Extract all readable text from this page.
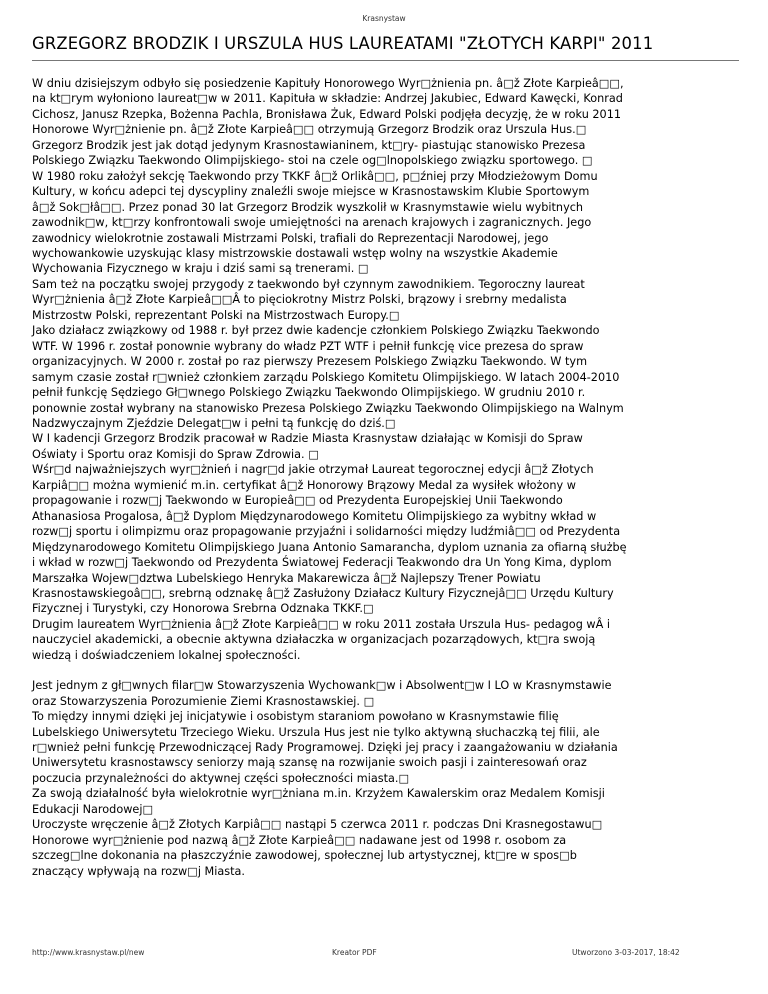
Krasnystaw
GRZEGORZ BRODZIK I URSZULA HUS LAUREATAMI "ZŁOTYCH KARPI" 2011

W dniu dzisiejszym odbyło się posiedzenie Kapituły Honorowego Wyr□żnienia pn. â□ž Złote Karpieâ□□,
na kt□rym wyłoniono laureat□w w 2011. Kapituła w składzie: Andrzej Jakubiec, Edward Kawęcki, Konrad
Cichosz, Janusz Rzepka, Bożenna Pachla, Bronisława Żuk, Edward Polski podjęła decyzję, że w roku 2011
Honorowe Wyr□żnienie pn. â□ž Złote Karpieâ□□ otrzymują Grzegorz Brodzik oraz Urszula Hus.□
Grzegorz Brodzik jest jak dotąd jedynym Krasnostawianinem, kt□ry- piastując stanowisko Prezesa
Polskiego Związku Taekwondo Olimpijskiego- stoi na czele og□lnopolskiego związku sportowego. □
W 1980 roku założył sekcję Taekwondo przy TKKF â□ž Orlikâ□□, p□źniej przy Młodzieżowym Domu
Kultury, w końcu adepci tej dyscypliny znaleźli swoje miejsce w Krasnostawskim Klubie Sportowym
â□ž Sok□łâ□□. Przez ponad 30 lat Grzegorz Brodzik wyszkolił w Krasnymstawie wielu wybitnych
zawodnik□w, kt□rzy konfrontowali swoje umiejętności na arenach krajowych i zagranicznych. Jego
zawodnicy wielokrotnie zostawali Mistrzami Polski, trafiali do Reprezentacji Narodowej, jego
wychowankowie uzyskując klasy mistrzowskie dostawali wstęp wolny na wszystkie Akademie
Wychowania Fizycznego w kraju i dziś sami są trenerami. □
Sam też na początku swojej przygody z taekwondo był czynnym zawodnikiem. Tegoroczny laureat
Wyr□żnienia â□ž Złote Karpieâ□□Â to pięciokrotny Mistrz Polski, brązowy i srebrny medalista
Mistrzostw Polski, reprezentant Polski na Mistrzostwach Europy.□
Jako działacz związkowy od 1988 r. był przez dwie kadencje członkiem Polskiego Związku Taekwondo
WTF. W 1996 r. został ponownie wybrany do władz PZT WTF i pełnił funkcję vice prezesa do spraw
organizacyjnych. W 2000 r. został po raz pierwszy Prezesem Polskiego Związku Taekwondo. W tym
samym czasie został r□wnież członkiem zarządu Polskiego Komitetu Olimpijskiego. W latach 2004-2010
pełnił funkcję Sędziego Gł□wnego Polskiego Związku Taekwondo Olimpijskiego. W grudniu 2010 r.
ponownie został wybrany na stanowisko Prezesa Polskiego Związku Taekwondo Olimpijskiego na Walnym
Nadzwyczajnym Zjeździe Delegat□w i pełni tą funkcję do dziś.□
W I kadencji Grzegorz Brodzik pracował w Radzie Miasta Krasnystaw działając w Komisji do Spraw
Oświaty i Sportu oraz Komisji do Spraw Zdrowia. □
Wśr□d najważniejszych wyr□żnień i nagr□d jakie otrzymał Laureat tegorocznej edycji â□ž Złotych
Karpiâ□□ można wymienić m.in. certyfikat â□ž Honorowy Brązowy Medal za wysiłek włożony w
propagowanie i rozw□j Taekwondo w Europieâ□□ od Prezydenta Europejskiej Unii Taekwondo
Athanasiosa Progalosa, â□ž Dyplom Międzynarodowego Komitetu Olimpijskiego za wybitny wkład w
rozw□j sportu i olimpizmu oraz propagowanie przyjaźni i solidarności między ludźmiâ□□ od Prezydenta
Międzynarodowego Komitetu Olimpijskiego Juana Antonio Samarancha, dyplom uznania za ofiarną służbę
i wkład w rozw□j Taekwondo od Prezydenta Światowej Federacji Teakwondo dra Un Yong Kima, dyplom
Marszałka Wojew□dztwa Lubelskiego Henryka Makarewicza â□ž Najlepszy Trener Powiatu
Krasnostawskiegoâ□□, srebrną odznakę â□ž Zasłużony Działacz Kultury Fizycznejâ□□ Urzędu Kultury
Fizycznej i Turystyki, czy Honorowa Srebrna Odznaka TKKF.□
Drugim laureatem Wyr□żnienia â□ž Złote Karpieâ□□ w roku 2011 została Urszula Hus- pedagog wÂ i
nauczyciel akademicki, a obecnie aktywna działaczka w organizacjach pozarządowych, kt□ra swoją
wiedzą i doświadczeniem lokalnej społeczności.

Jest jednym z gł□wnych filar□w Stowarzyszenia Wychowank□w i Absolwent□w I LO w Krasnymstawie
oraz Stowarzyszenia Porozumienie Ziemi Krasnostawskiej. □
To między innymi dzięki jej inicjatywie i osobistym staraniom powołano w Krasnymstawie filię
Lubelskiego Uniwersytetu Trzeciego Wieku. Urszula Hus jest nie tylko aktywną słuchaczką tej filii, ale
r□wnież pełni funkcję Przewodniczącej Rady Programowej. Dzięki jej pracy i zaangażowaniu w działania
Uniwersytetu krasnostawscy seniorzy mają szansę na rozwijanie swoich pasji i zainteresowań oraz
poczucia przynależności do aktywnej części społeczności miasta.□
Za swoją działalność była wielokrotnie wyr□żniana m.in. Krzyżem Kawalerskim oraz Medalem Komisji
Edukacji Narodowej□
Uroczyste wręczenie â□ž Złotych Karpiâ□□ nastąpi 5 czerwca 2011 r. podczas Dni Krasnegostawu□
Honorowe wyr□żnienie pod nazwą â□ž Złote Karpieâ□□ nadawane jest od 1998 r. osobom za
szczeg□lne dokonania na płaszczyźnie zawodowej, społecznej lub artystycznej, kt□re w spos□b
znaczący wpływają na rozw□j Miasta.

http://www.krasnystaw.pl/new	Kreator PDF	Utworzono 3-03-2017, 18:42
